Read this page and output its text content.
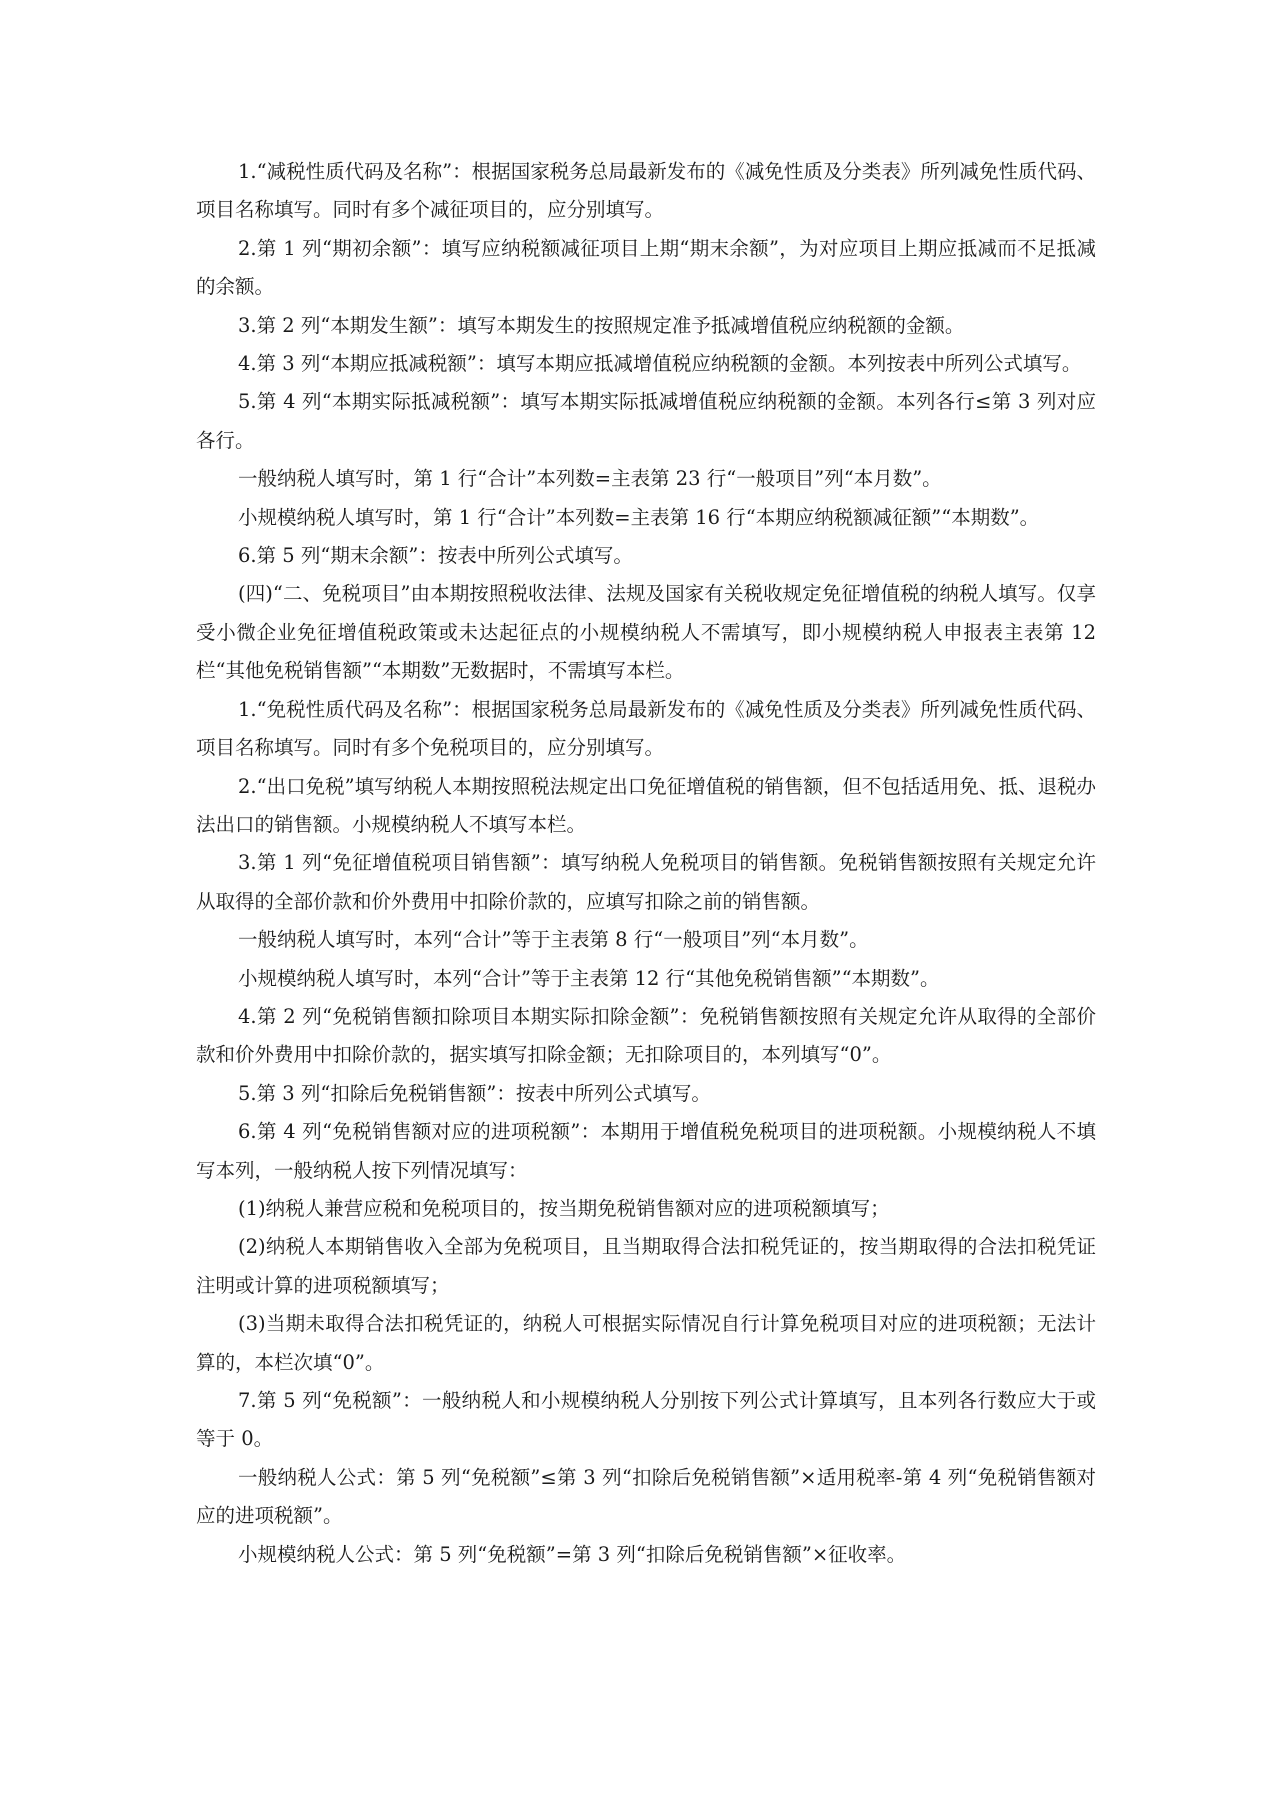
1.“减税性质代码及名称”：根据国家税务总局最新发布的《减免性质及分类表》所列减免性质代码、项目名称填写。同时有多个减征项目的，应分别填写。

2.第 1 列“期初余额”：填写应纳税额减征项目上期“期末余额”，为对应项目上期应抵减而不足抵减的余额。

3.第 2 列“本期发生额”：填写本期发生的按照规定准予抵减增值税应纳税额的金额。

4.第 3 列“本期应抵减税额”：填写本期应抵减增值税应纳税额的金额。本列按表中所列公式填写。

5.第 4 列“本期实际抵减税额”：填写本期实际抵减增值税应纳税额的金额。本列各行≤第 3 列对应各行。

一般纳税人填写时，第 1 行“合计”本列数=主表第 23 行“一般项目”列“本月数”。

小规模纳税人填写时，第 1 行“合计”本列数=主表第 16 行“本期应纳税额减征额”“本期数”。

6.第 5 列“期末余额”：按表中所列公式填写。

(四)“二、免税项目”由本期按照税收法律、法规及国家有关税收规定免征增值税的纳税人填写。仅享受小微企业免征增值税政策或未达起征点的小规模纳税人不需填写，即小规模纳税人申报表主表第 12 栏“其他免税销售额”“本期数”无数据时，不需填写本栏。

1.“免税性质代码及名称”：根据国家税务总局最新发布的《减免性质及分类表》所列减免性质代码、项目名称填写。同时有多个免税项目的，应分别填写。

2.“出口免税”填写纳税人本期按照税法规定出口免征增值税的销售额，但不包括适用免、抵、退税办法出口的销售额。小规模纳税人不填写本栏。

3.第 1 列“免征增值税项目销售额”：填写纳税人免税项目的销售额。免税销售额按照有关规定允许从取得的全部价款和价外费用中扣除价款的，应填写扣除之前的销售额。

一般纳税人填写时，本列“合计”等于主表第 8 行“一般项目”列“本月数”。

小规模纳税人填写时，本列“合计”等于主表第 12 行“其他免税销售额”“本期数”。

4.第 2 列“免税销售额扣除项目本期实际扣除金额”：免税销售额按照有关规定允许从取得的全部价款和价外费用中扣除价款的，据实填写扣除金额；无扣除项目的，本列填写“0”。

5.第 3 列“扣除后免税销售额”：按表中所列公式填写。

6.第 4 列“免税销售额对应的进项税额”：本期用于增值税免税项目的进项税额。小规模纳税人不填写本列，一般纳税人按下列情况填写：

(1)纳税人兼营应税和免税项目的，按当期免税销售额对应的进项税额填写；

(2)纳税人本期销售收入全部为免税项目，且当期取得合法扣税凭证的，按当期取得的合法扣税凭证注明或计算的进项税额填写；

(3)当期未取得合法扣税凭证的，纳税人可根据实际情况自行计算免税项目对应的进项税额；无法计算的，本栏次填“0”。

7.第 5 列“免税额”：一般纳税人和小规模纳税人分别按下列公式计算填写，且本列各行数应大于或等于 0。

一般纳税人公式：第 5 列“免税额”≤第 3 列“扣除后免税销售额”×适用税率-第 4 列“免税销售额对应的进项税额”。

小规模纳税人公式：第 5 列“免税额”=第 3 列“扣除后免税销售额”×征收率。
